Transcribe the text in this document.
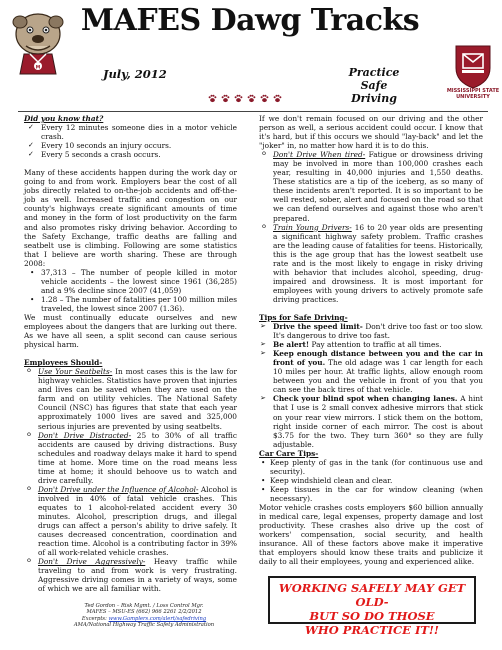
M
MAFES Dawg Tracks
MISSISSIPPI STATE UNIVERSITY
July, 2012	Practice Safe
Driving

Did you know that?

✓ Every 12 minutes someone dies in a motor vehicle crash.
✓ Every 10 seconds an injury occurs.
✓ Every 5 seconds a crash occurs.

Many of these accidents happen during the work day or going to and from work. Employers bear the cost of all jobs directly related to on-the-job accidents and off-the-job as well. Increased traffic and congestion on our county's highways create significant amounts of time and money in the form of lost productivity on the farm and also promotes risky driving behavior. According to the Safety Exchange, traffic deaths are falling and seatbelt use is climbing. Following are some statistics that I believe are worth sharing. These are through 2008:

• 37,313 – The number of people killed in motor vehicle accidents – the lowest since 1961 (36,285) and a 9% decline since 2007 (41,059)
• 1.28 – The number of fatalities per 100 million miles traveled, the lowest since 2007 (1.36).

We must continually educate ourselves and new employees about the dangers that are lurking out there. As we have all seen, a split second can cause serious physical harm.

Employees Should-

o Use Your Seatbelts- In most cases this is the law for highway vehicles. Statistics have proven that injuries and lives can be saved when they are used on the farm and on utility vehicles. The National Safety Council (NSC) has figures that state that each year approximately 1000 lives are saved and 325,000 serious injuries are prevented by using seatbelts.
o Don't Drive Distracted- 25 to 30% of all traffic accidents are caused by driving distractions. Busy schedules and roadway delays make it hard to spend time at home. More time on the road means less time at home; it should behoove us to watch and drive carefully.
o Don't Drive under the Influence of Alcohol- Alcohol is involved in 40% of fatal vehicle crashes. This equates to 1 alcohol-related accident every 30 minutes. Alcohol, prescription drugs, and illegal drugs can affect a person's ability to drive safely. It causes decreased concentration, coordination and reaction time. Alcohol is a contributing factor in 39% of all work-related vehicle crashes.
o Don't Drive Aggressively- Heavy traffic while traveling to and from work is very frustrating. Aggressive driving comes in a variety of ways, some of which we are all familiar with.

If we don't remain focused on our driving and the other person as well, a serious accident could occur. I know that it's hard, but if this occurs we should "lay-back" and let the "joker" in, no matter how hard it is to do this.

o Don't Drive When tired- Fatigue or drowsiness driving may be involved in more than 100,000 crashes each year, resulting in 40,000 injuries and 1,550 deaths. These statistics are a tip of the iceberg, as so many of these incidents aren't reported. It is so important to be well rested, sober, alert and focused on the road so that we can defend ourselves and against those who aren't prepared.
o Train Young Drivers- 16 to 20 year olds are presenting a significant highway safety problem. Traffic crashes are the leading cause of fatalities for teens. Historically, this is the age group that has the lowest seatbelt use rate and is the most likely to engage in risky driving with behavior that includes alcohol, speeding, drug-impaired and drowsiness. It is most important for employees with young drivers to actively promote safe driving practices.

Tips for Safe Driving-

➢ Drive the speed limit- Don't drive too fast or too slow. It's dangerous to drive too fast.
➢ Be alert! Pay attention to traffic at all times.
➢ Keep enough distance between you and the car in front of you. The old adage was 1 car length for each 10 miles per hour. At traffic lights, allow enough room between you and the vehicle in front of you that you can see the back tires of that vehicle.
➢ Check your blind spot when changing lanes. A hint that I use is 2 small convex adhesive mirrors that stick on your rear view mirrors. I stick them on the bottom, right inside corner of each mirror. The cost is about $3.75 for the two. They turn 360° so they are fully adjustable.

Car Care Tips-

• Keep plenty of gas in the tank (for continuous use and security).
• Keep windshield clean and clear.
• Keep tissues in the car for window cleaning (when necessary).

Motor vehicle crashes costs employers $60 billion annually in medical care, legal expenses, property damage and lost productivity. These crashes also drive up the cost of workers' compensation, social security, and health insurance. All of these factors above make it imperative that employers should know these traits and publicize it daily to all their employees, young and experienced alike.

WORKING SAFELY MAY GET OLD-
BUT SO DO THOSE
WHO PRACTICE IT!!
Ted Gordon – Risk Mgmt. / Loss Control Mgr.
MAFES – MSU-ES (662) 966 2261 2/2/2012
Excerpts: www.Gamplers.com/alert/safedriving
AMA/National Highway Traffic Safety Administration
